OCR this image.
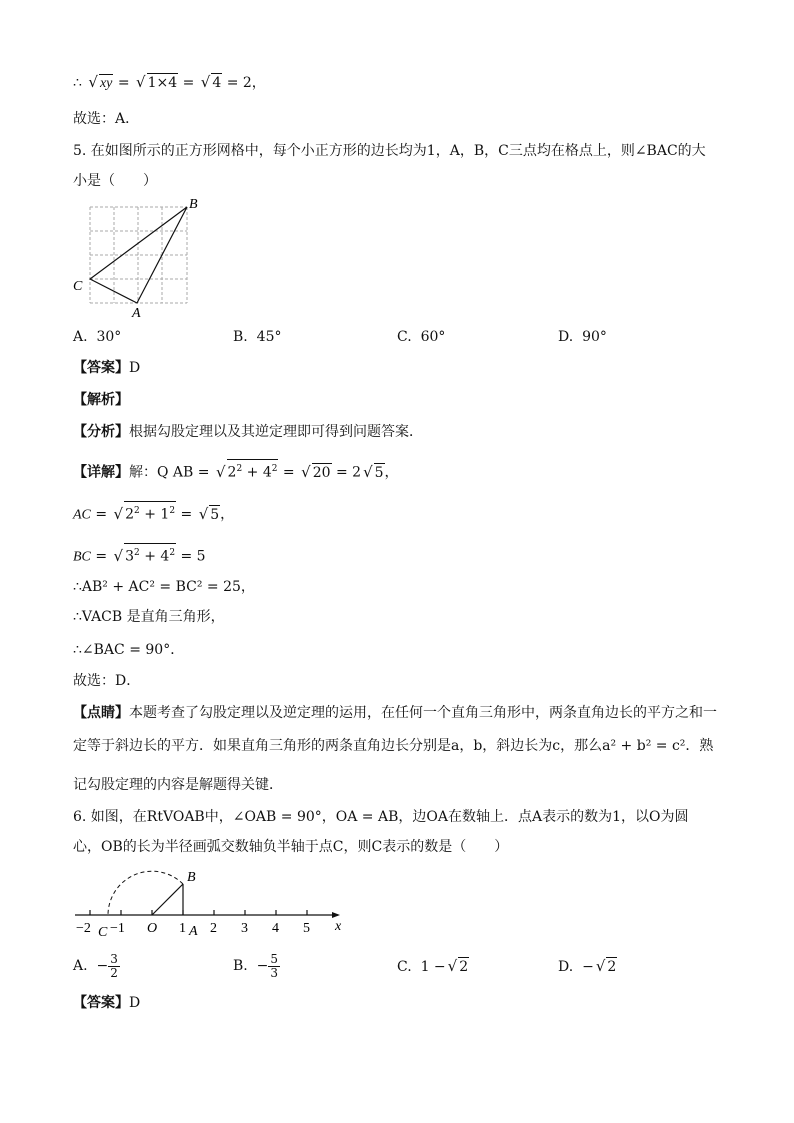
∴ √ xy = √ 1×4 = √ 4 = 2，
故选：A．
5. 在如图所示的正方形网格中，每个小正方形的边长均为1，A，B，C三点均在格点上，则∠BAC的大
小是（　　）
B
C
A
A. 30°	B. 45°	C. 60°	D. 90°
【答案】D
【解析】
【分析】根据勾股定理以及其逆定理即可得到问题答案．
【详解】解：Q AB = √ $2^2 + 4^2$ = √ 20 = 2 √ 5，
AC = √ $2^2 + 1^2$ = √ 5，
BC = √ $3^2 + 4^2 = 5$
∴AB² + AC² = BC² = 25，
∴VACB 是直角三角形，
∴∠BAC = 90°．
故选：D．
【点睛】本题考查了勾股定理以及逆定理的运用，在任何一个直角三角形中，两条直角边长的平方之和一
定等于斜边长的平方．如果直角三角形的两条直角边长分别是a，b，斜边长为c，那么a² + b² = c²．熟
记勾股定理的内容是解题得关键．
6. 如图，在RtVOAB中，∠OAB = 90°，OA = AB，边OA在数轴上．点A表示的数为1，以O为圆
心，OB的长为半径画弧交数轴负半轴于点C，则C表示的数是（　　）
B
−2 C −1 O 1 A 2 3 4 5 x
A.  − $\frac{3}{2}$	B.  − $\frac{5}{3}$	C. 1 − √ 2	D. − √ 2
【答案】D
